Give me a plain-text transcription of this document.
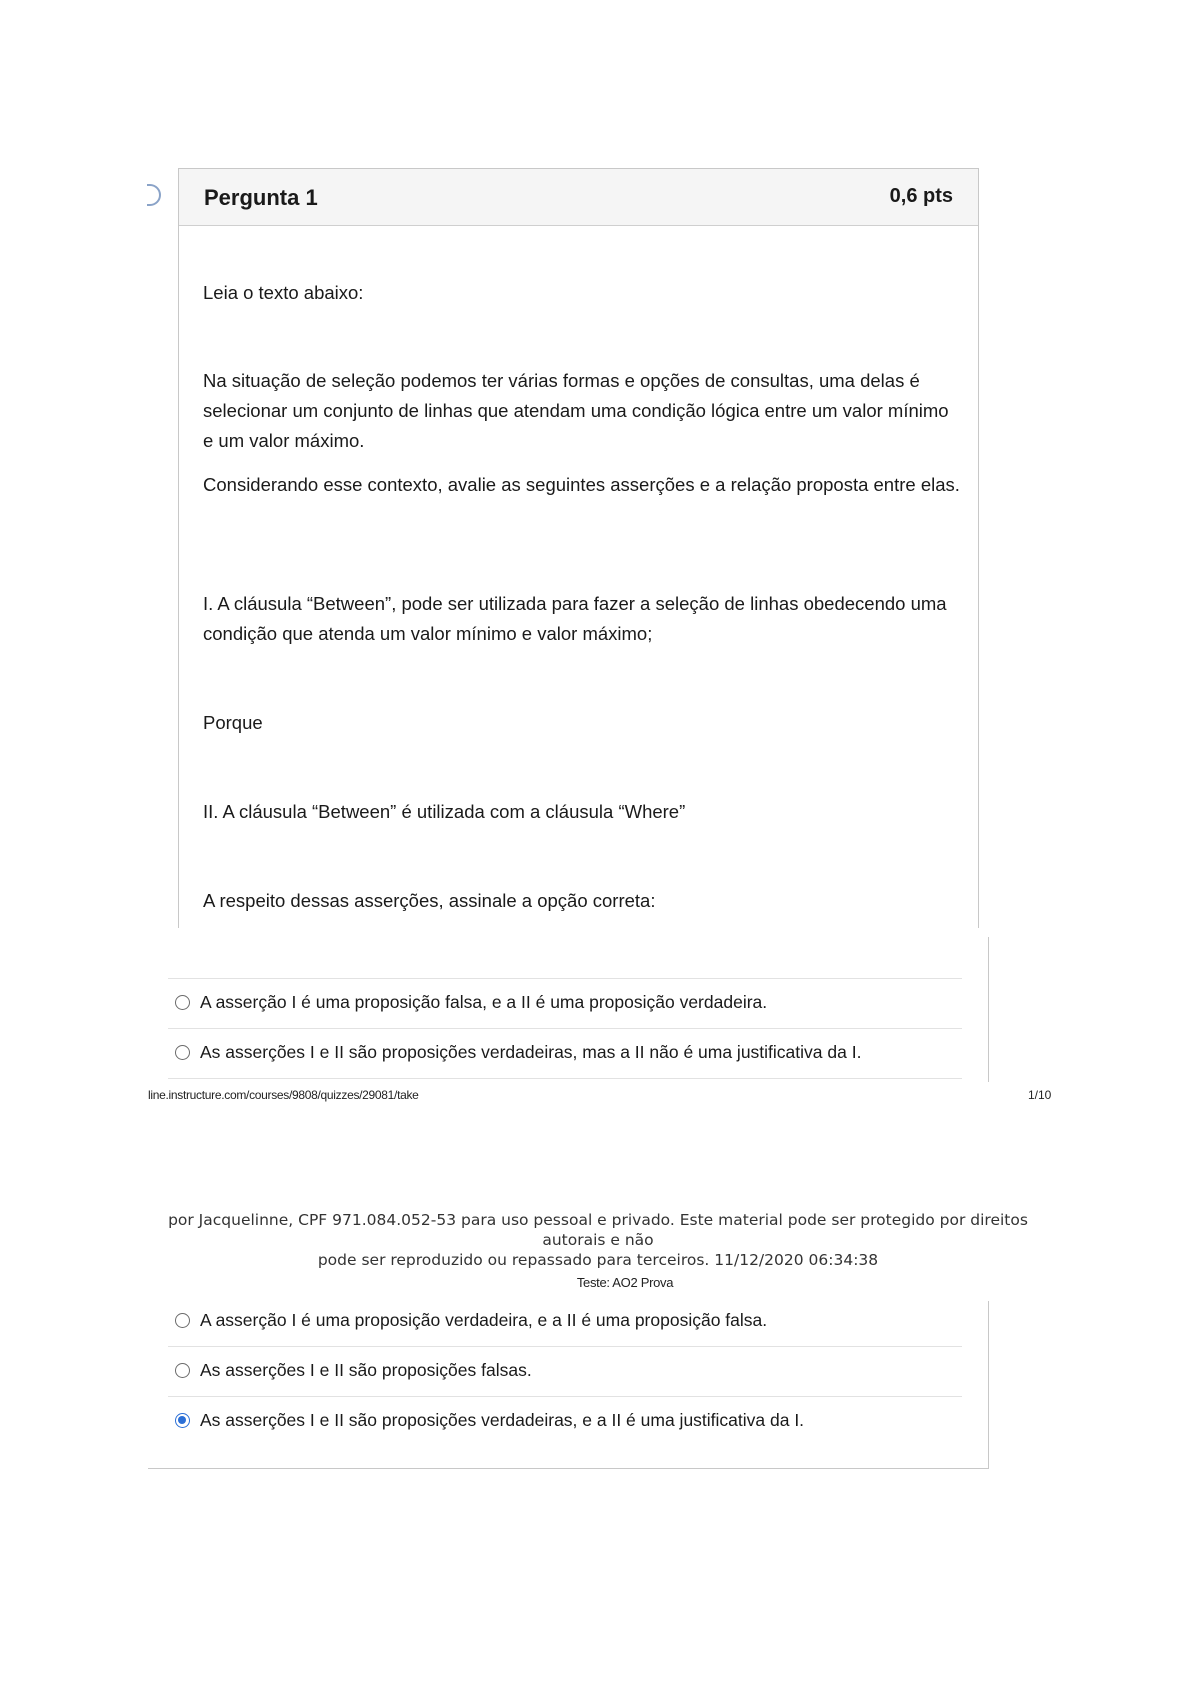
Pergunta 1	0,6 pts
Leia o texto abaixo:
Na situação de seleção podemos ter várias formas e opções de consultas, uma delas é selecionar um conjunto de linhas que atendam uma condição lógica entre um valor mínimo e um valor máximo.
Considerando esse contexto, avalie as seguintes asserções e a relação proposta entre elas.
I. A cláusula “Between”, pode ser utilizada para fazer a seleção de linhas obedecendo uma condição que atenda um valor mínimo e valor máximo;
Porque
II. A cláusula “Between” é utilizada com a cláusula “Where”
A respeito dessas asserções, assinale a opção correta:
A asserção I é uma proposição falsa, e a II é uma proposição verdadeira.
As asserções I e II são proposições verdadeiras, mas a II não é uma justificativa da I.
line.instructure.com/courses/9808/quizzes/29081/take	1/10
por Jacquelinne, CPF 971.084.052-53 para uso pessoal e privado. Este material pode ser protegido por direitos autorais e não
pode ser reproduzido ou repassado para terceiros. 11/12/2020 06:34:38
Teste: AO2 Prova
A asserção I é uma proposição verdadeira, e a II é uma proposição falsa.
As asserções I e II são proposições falsas.
As asserções I e II são proposições verdadeiras, e a II é uma justificativa da I.
